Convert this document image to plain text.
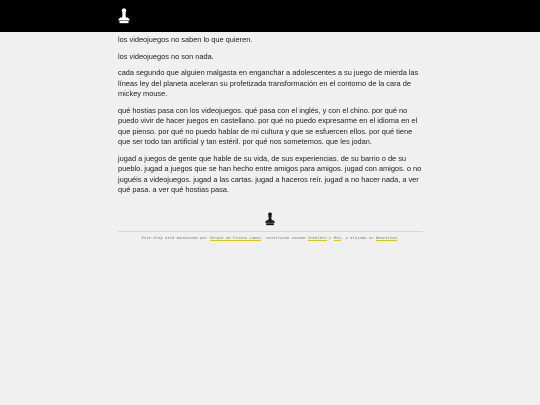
los videojuegos no saben lo que quieren.

los videojuegos no son nada.

cada segundo que alguien malgasta en enganchar a adolescentes a su juego de mierda las líneas ley del planeta aceleran su profetizada transformación en el contorno de la cara de mickey mouse.

qué hostias pasa con los videojuegos. qué pasa con el inglés, y con el chino. por qué no puedo vivir de hacer juegos en castellano. por qué no puedo expresarme en el idioma en el que pienso. por qué no puedo hablar de mi cultura y que se esfuercen ellos. por qué tiene que ser todo tan artificial y tan estéril. por qué nos sometemos. que les jodan.

jugad a juegos de gente que hable de su vida, de sus experiencias. de su barrio o de su pueblo. jugad a juegos que se han hecho entre amigos para amigos. jugad con amigos. o no juguéis a videojuegos. jugad a las cartas. jugad a haceros reír. jugad a no hacer nada, a ver qué pasa. a ver qué hostias pasa.

Este blog está mantenido por Sergio de Frutos López, construido usando Zonelets y Mtn, y alojado en Neocities.
